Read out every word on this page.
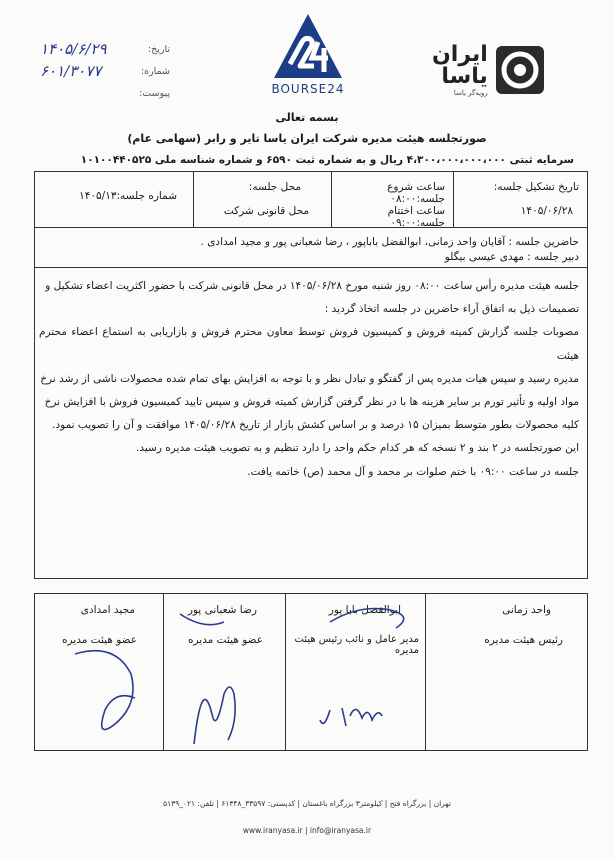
تاریخ:
۱۴۰۵/۶/۲۹
شماره:
۶۰۱/۳۰۷۷
پیوست:	BOURSE24
ایران
یاسا
رویه‌گر یاسا
بسمه تعالی
صورتجلسه هیئت مدیره شرکت ایران یاسا تایر و رابر (سهامی عام)
سرمایه ثبتی ۴،۳۰۰،۰۰۰،۰۰۰،۰۰۰ ریال و به شماره ثبت ۶۵۹۰ و شماره شناسه ملی ۱۰۱۰۰۴۴۰۵۲۵
تاریخ تشکیل جلسه:
۱۴۰۵/۰۶/۲۸
ساعت شروع جلسه:۰۸:۰۰
ساعت اختتام جلسه:۰۹:۰۰
محل جلسه:
محل قانونی شرکت
شماره جلسه:۱۴۰۵/۱۳
حاضرین جلسه : آقایان واحد زمانی، ابوالفضل باباپور ، رضا شعبانی پور و مجید امدادی .
دبیر جلسه : مهدی عیسی بیگلو

جلسه هیئت مدیره رأس ساعت ۰۸:۰۰ روز شنبه مورخ ۱۴۰۵/۰۶/۲۸ در محل قانونی شرکت با حضور اکثریت اعضاء تشکیل و

تصمیمات ذیل به اتفاق آراء حاضرین در جلسه اتخاذ گردید :

مصوبات جلسه گزارش کمیته فروش و کمیسیون فروش توسط معاون محترم فروش و بازاریابی به استماع اعضاء محترم هیئت

مدیره رسید و سپس هیات مدیره پس از گفتگو و تبادل نظر و با توجه به افزایش بهای تمام شده محصولات ناشی از رشد نرخ

مواد اولیه و تأثیر تورم بر سایر هزینه ها با در نظر گرفتن گزارش کمیته فروش و سپس تایید کمیسیون فروش با افزایش نرخ

کلیه محصولات بطور متوسط بمیزان ۱۵ درصد و بر اساس کشش بازار از تاریخ ۱۴۰۵/۰۶/۲۸ موافقت و آن را تصویب نمود.

این صورتجلسه در ۲ بند و ۲ نسخه که هر کدام حکم واحد را دارد تنظیم و به تصویب هیئت مدیره رسید.

جلسه در ساعت ۰۹:۰۰ با ختم صلوات بر محمد و آل محمد (ص) خاتمه یافت.

واحد زمانی
رئیس هیئت مدیره
ابوالفضل بابا پور
مدیر عامل و نائب رئیس هیئت مدیره
رضا شعبانی پور
عضو هیئت مدیره
مجید امدادی
عضو هیئت مدیره
تهران | بزرگراه فتح | کیلومتر۳ بزرگراه باغستان | کدپستی: ۳۳۵۹۷_۶۱۳۴۸ | تلفن: ۰۲۱_۵۱۳۹
www.iranyasa.ir | info@iranyasa.ir
